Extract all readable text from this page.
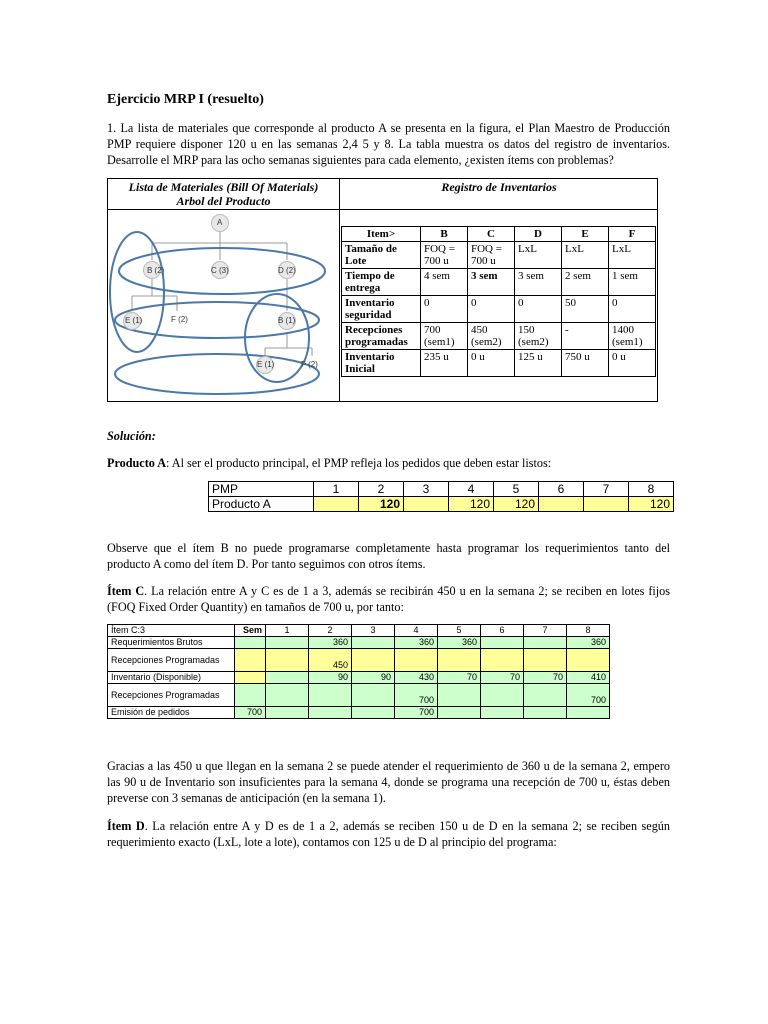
Ejercicio MRP I (resuelto)
1. La lista de materiales que corresponde al producto A se presenta en la figura, el Plan Maestro de Producción PMP requiere disponer 120 u en las semanas 2,4 5 y 8. La tabla muestra os datos del registro de inventarios. Desarrolle el MRP para las ocho semanas siguientes para cada elemento, ¿existen ítems con problemas?
Lista de Materiales (Bill Of Materials)
Arbol del Producto
Registro de Inventarios
A
B (2)	C (3)	D (2)
E (1)	F (2)	B (1)
E (1)	F (2)
Item>	B	C	D	E	F
Tamaño de Lote	FOQ = 700 u	FOQ = 700 u	LxL	LxL	LxL
Tiempo de entrega	4 sem	3 sem	3 sem	2 sem	1 sem
Inventario seguridad	0	0	0	50	0
Recepciones programadas	700 (sem1)	450 (sem2)	150 (sem2)	-	1400 (sem1)
Inventario Inicial	235 u	0 u	125 u	750 u	0 u
Solución:
Producto A: Al ser el producto principal, el PMP refleja los pedidos que deben estar listos:
PMP	1	2	3	4	5	6	7	8
Producto A		120		120	120			120
Observe que el ítem B no puede programarse completamente hasta programar los requerimientos tanto del producto A como del ítem D. Por tanto seguimos con otros ítems.
Ítem C. La relación entre A y C es de 1 a 3, además se recibirán 450 u en la semana 2; se reciben en lotes fijos (FOQ Fixed Order Quantity) en tamaños de 700 u, por tanto:
Ítem C:3	Sem	1	2	3	4	5	6	7	8
Requerimientos Brutos			360		360	360			360
Recepciones Programadas			450						
Inventario (Disponible)			90	90	430	70	70	70	410
Recepciones Programadas					700				700
Emisión de pedidos	700				700				
Gracias a las 450 u que llegan en la semana 2 se puede atender el requerimiento de 360 u de la semana 2, empero las 90 u de Inventario son insuficientes para la semana 4, donde se programa una recepción de 700 u, éstas deben preverse con 3 semanas de anticipación (en la semana 1).
Ítem D. La relación entre A y D es de 1 a 2, además se reciben 150 u de D en la semana 2; se reciben según requerimiento exacto (LxL, lote a lote), contamos con 125 u de D al principio del programa:
